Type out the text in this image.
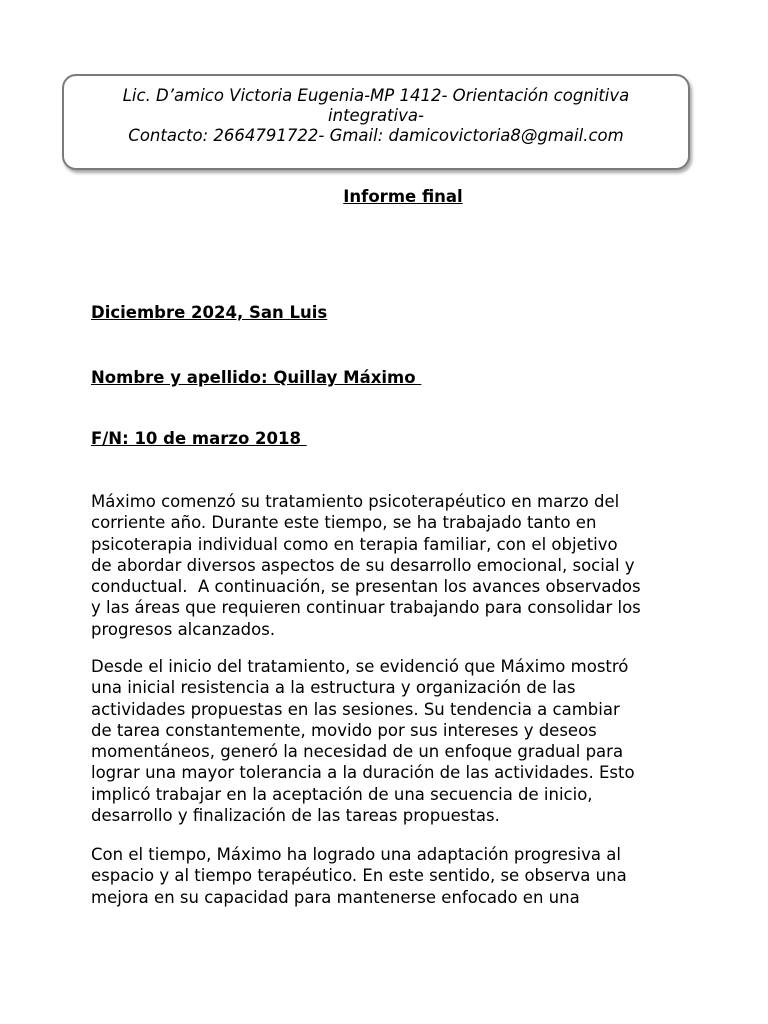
Lic. D’amico Victoria Eugenia-MP 1412- Orientación cognitiva
integrativa-
Contacto: 2664791722- Gmail: damicovictoria8@gmail.com
Informe final
Diciembre 2024, San Luis
Nombre y apellido: Quillay Máximo
F/N: 10 de marzo 2018
Máximo comenzó su tratamiento psicoterapéutico en marzo del
corriente año. Durante este tiempo, se ha trabajado tanto en
psicoterapia individual como en terapia familiar, con el objetivo
de abordar diversos aspectos de su desarrollo emocional, social y
conductual.  A continuación, se presentan los avances observados
y las áreas que requieren continuar trabajando para consolidar los
progresos alcanzados.
Desde el inicio del tratamiento, se evidenció que Máximo mostró
una inicial resistencia a la estructura y organización de las
actividades propuestas en las sesiones. Su tendencia a cambiar
de tarea constantemente, movido por sus intereses y deseos
momentáneos, generó la necesidad de un enfoque gradual para
lograr una mayor tolerancia a la duración de las actividades. Esto
implicó trabajar en la aceptación de una secuencia de inicio,
desarrollo y finalización de las tareas propuestas.
Con el tiempo, Máximo ha logrado una adaptación progresiva al
espacio y al tiempo terapéutico. En este sentido, se observa una
mejora en su capacidad para mantenerse enfocado en una
